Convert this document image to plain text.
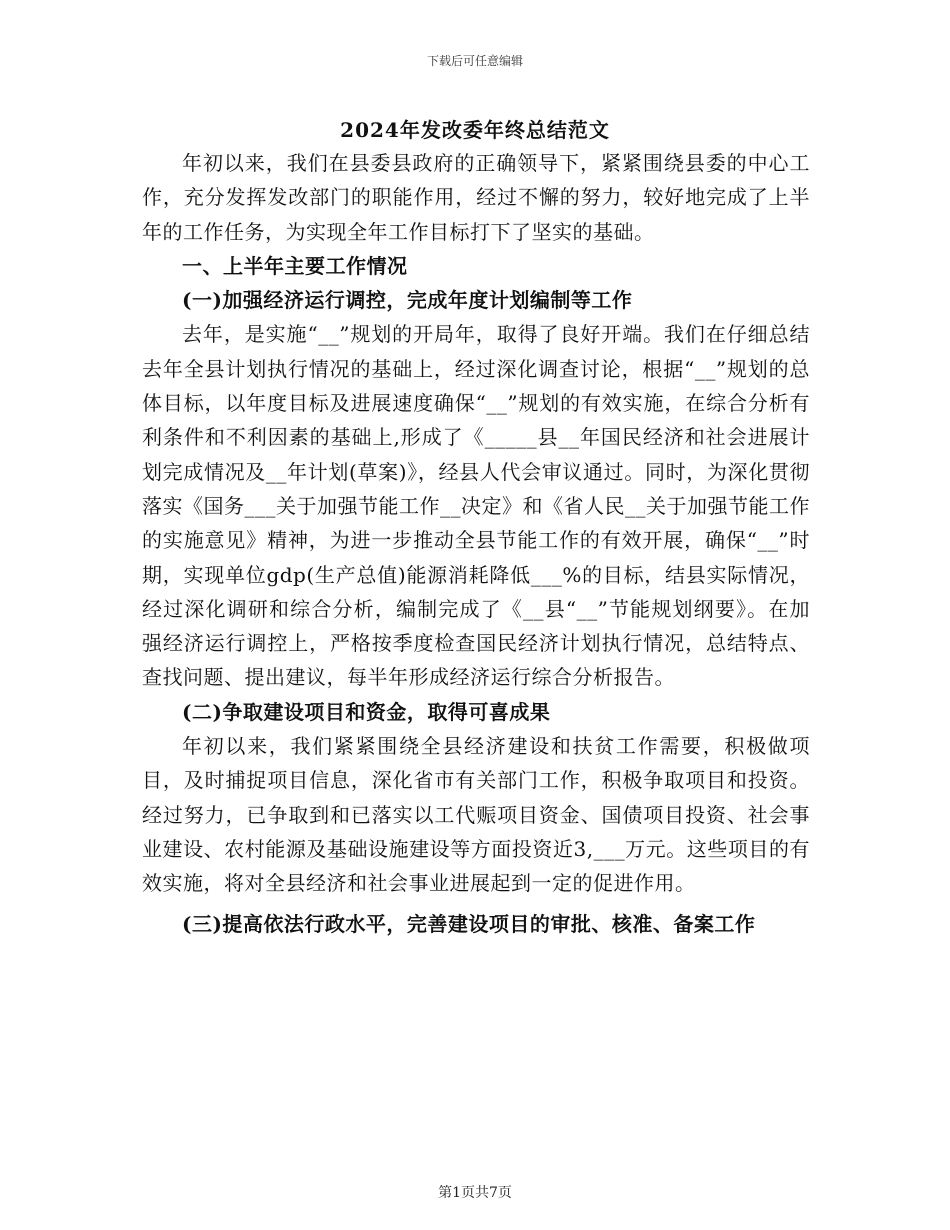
下载后可任意编辑
2024年发改委年终总结范文

年初以来，我们在县委县政府的正确领导下，紧紧围绕县委的中心工作，充分发挥发改部门的职能作用，经过不懈的努力，较好地完成了上半年的工作任务，为实现全年工作目标打下了坚实的基础。

一、上半年主要工作情况

(一)加强经济运行调控，完成年度计划编制等工作

去年，是实施“__”规划的开局年，取得了良好开端。我们在仔细总结去年全县计划执行情况的基础上，经过深化调查讨论，根据“__”规划的总体目标，以年度目标及进展速度确保“__”规划的有效实施，在综合分析有利条件和不利因素的基础上,形成了《_____县__年国民经济和社会进展计划完成情况及__年计划(草案)》，经县人代会审议通过。同时，为深化贯彻落实《国务___关于加强节能工作__决定》和《省人民__关于加强节能工作的实施意见》精神，为进一步推动全县节能工作的有效开展，确保“__”时期，实现单位gdp(生产总值)能源消耗降低___%的目标，结县实际情况，经过深化调研和综合分析，编制完成了《__县“__”节能规划纲要》。在加强经济运行调控上，严格按季度检查国民经济计划执行情况，总结特点、查找问题、提出建议，每半年形成经济运行综合分析报告。

(二)争取建设项目和资金，取得可喜成果

年初以来，我们紧紧围绕全县经济建设和扶贫工作需要，积极做项目，及时捕捉项目信息，深化省市有关部门工作，积极争取项目和投资。经过努力，已争取到和已落实以工代赈项目资金、国债项目投资、社会事业建设、农村能源及基础设施建设等方面投资近3,___万元。这些项目的有效实施，将对全县经济和社会事业进展起到一定的促进作用。

(三)提高依法行政水平，完善建设项目的审批、核准、备案工作

第1页共7页
